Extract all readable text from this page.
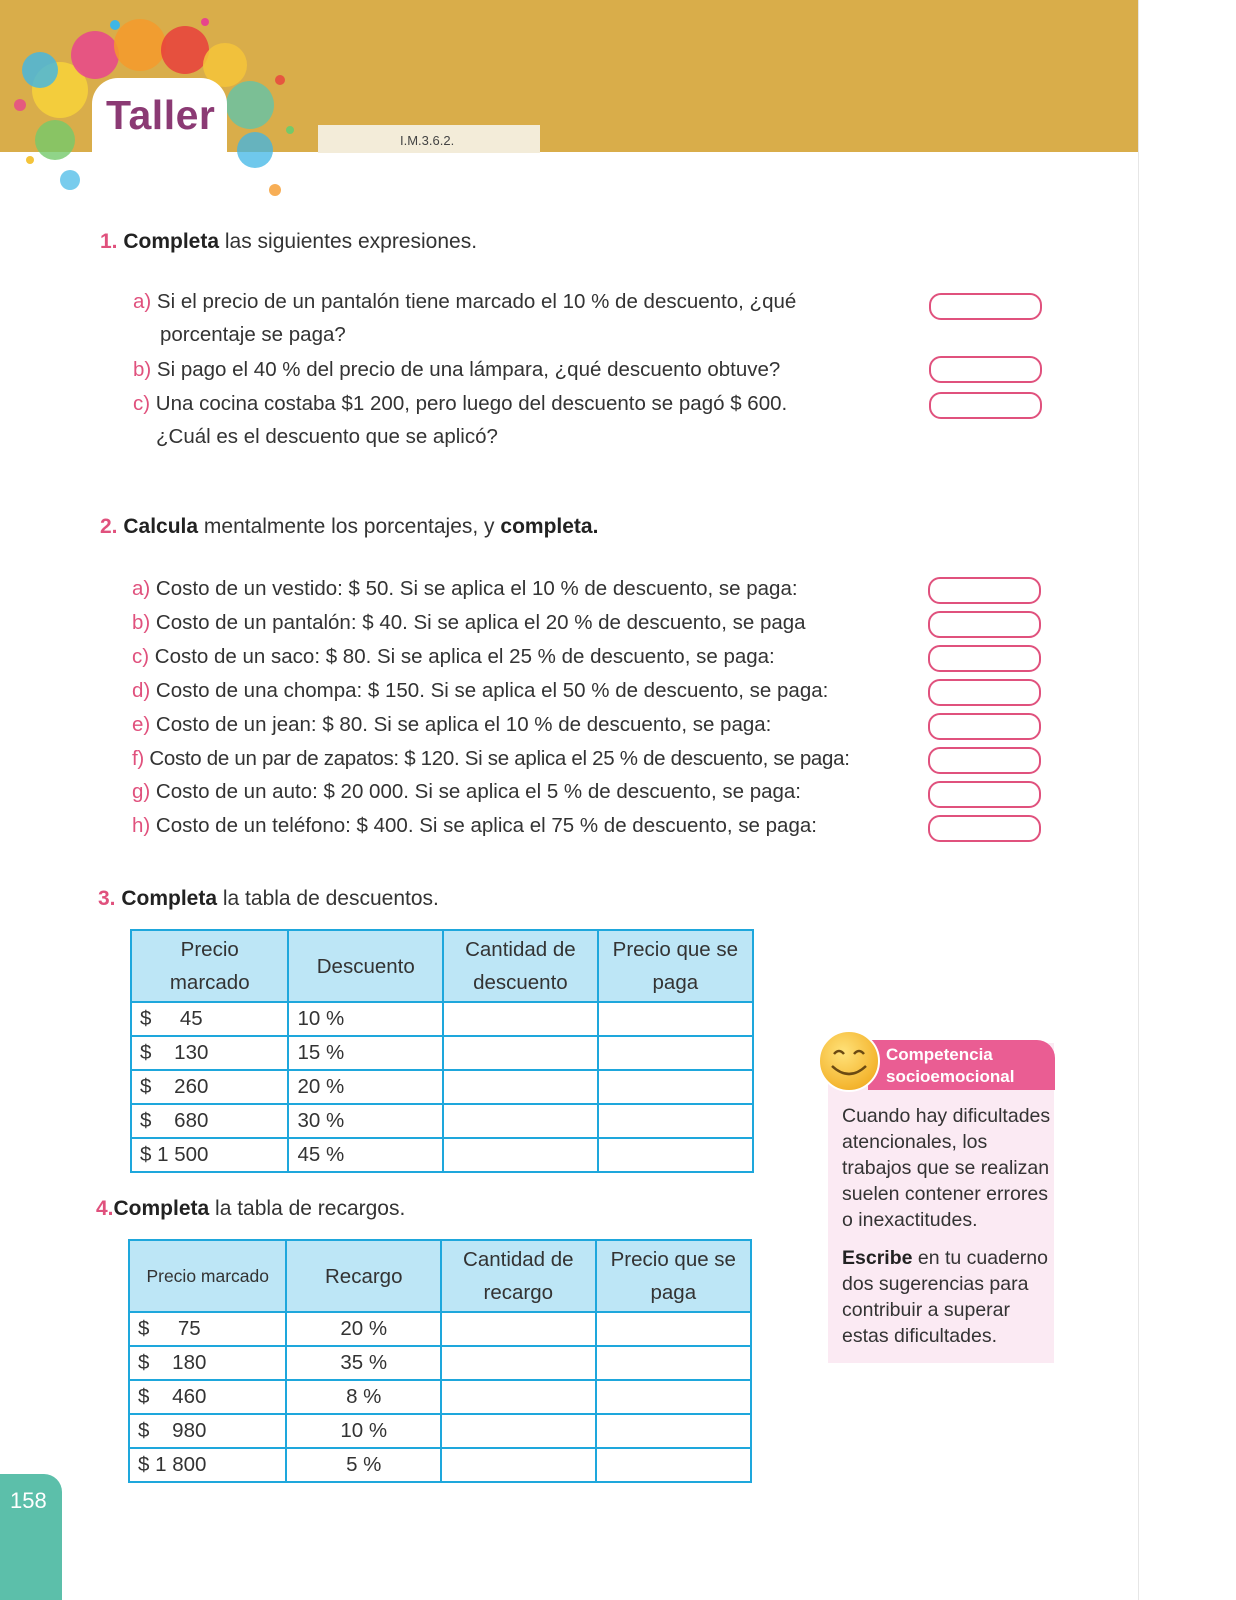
Taller
I.M.3.6.2.
1. Completa las siguientes expresiones.
a) Si el precio de un pantalón tiene marcado el 10 % de descuento, ¿qué
porcentaje se paga?
b) Si pago el 40 % del precio de una lámpara, ¿qué descuento obtuve?
c) Una cocina costaba $1 200, pero luego del descuento se pagó $ 600.
¿Cuál es el descuento que se aplicó?
2. Calcula mentalmente los porcentajes, y completa.
a) Costo de un vestido: $ 50. Si se aplica el 10 % de descuento, se paga:
b) Costo de un pantalón: $ 40. Si se aplica el 20 % de descuento, se paga
c) Costo de un saco: $ 80. Si se aplica el 25 % de descuento, se paga:
d) Costo de una chompa: $ 150. Si se aplica el 50 % de descuento, se paga:
e) Costo de un jean: $ 80. Si se aplica el 10 % de descuento, se paga:
f) Costo de un par de zapatos: $ 120. Si se aplica el 25 % de descuento, se paga:
g) Costo de un auto: $ 20 000. Si se aplica el 5 % de descuento, se paga:
h) Costo de un teléfono: $ 400. Si se aplica el 75 % de descuento, se paga:
3. Completa la tabla de descuentos.
Precio marcado	Descuento	Cantidad de descuento	Precio que se paga
$     45	10 %		
$    130	15 %		
$    260	20 %		
$    680	30 %		
$ 1 500	45 %		
4.Completa la tabla de recargos.
Precio marcado	Recargo	Cantidad de recargo	Precio que se paga
$     75	20 %		
$    180	35 %		
$    460	8 %		
$    980	10 %		
$ 1 800	5 %		
Competencia
socioemocional
Cuando hay dificultades atencionales, los trabajos que se realizan suelen contener errores o inexactitudes.
Escribe en tu cuaderno dos sugerencias para contribuir a superar estas dificultades.
158
